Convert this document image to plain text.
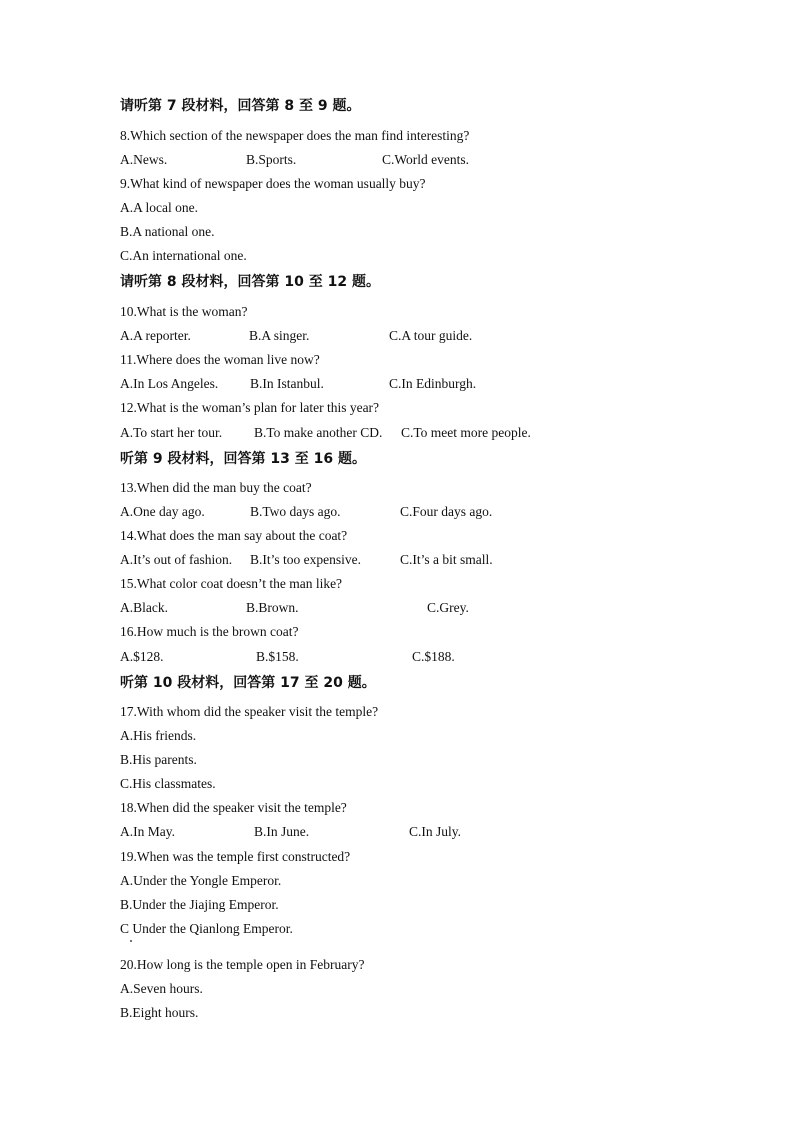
请听第 7 段材料，回答第 8 至 9 题。
8.Which section of the newspaper does the man find interesting?
A.News.	B.Sports.	C.World events.
9.What kind of newspaper does the woman usually buy?
A.A local one.
B.A national one.
C.An international one.
请听第 8 段材料，回答第 10 至 12 题。
10.What is the woman?
A.A reporter.	B.A singer.	C.A tour guide.
11.Where does the woman live now?
A.In Los Angeles. B.In Istanbul.	C.In Edinburgh.
12.What is the woman’s plan for later this year?
A.To start her tour. B.To make another CD. C.To meet more people.
听第 9 段材料，回答第 13 至 16 题。
13.When did the man buy the coat?
A.One day ago.	B.Two days ago.	C.Four days ago.
14.What does the man say about the coat?
A.It’s out of fashion. B.It’s too expensive.	C.It’s a bit small.
15.What color coat doesn’t the man like?
A.Black.	B.Brown.	C.Grey.
16.How much is the brown coat?
A.$128.	B.$158.	C.$188.
听第 10 段材料，回答第 17 至 20 题。
17.With whom did the speaker visit the temple?
A.His friends.
B.His parents.
C.His classmates.
18.When did the speaker visit the temple?
A.In May.	B.In June.	C.In July.
19.When was the temple first constructed?
A.Under the Yongle Emperor.
B.Under the Jiajing Emperor.
C Under the Qianlong Emperor.
20.How long is the temple open in February?
A.Seven hours.
B.Eight hours.
